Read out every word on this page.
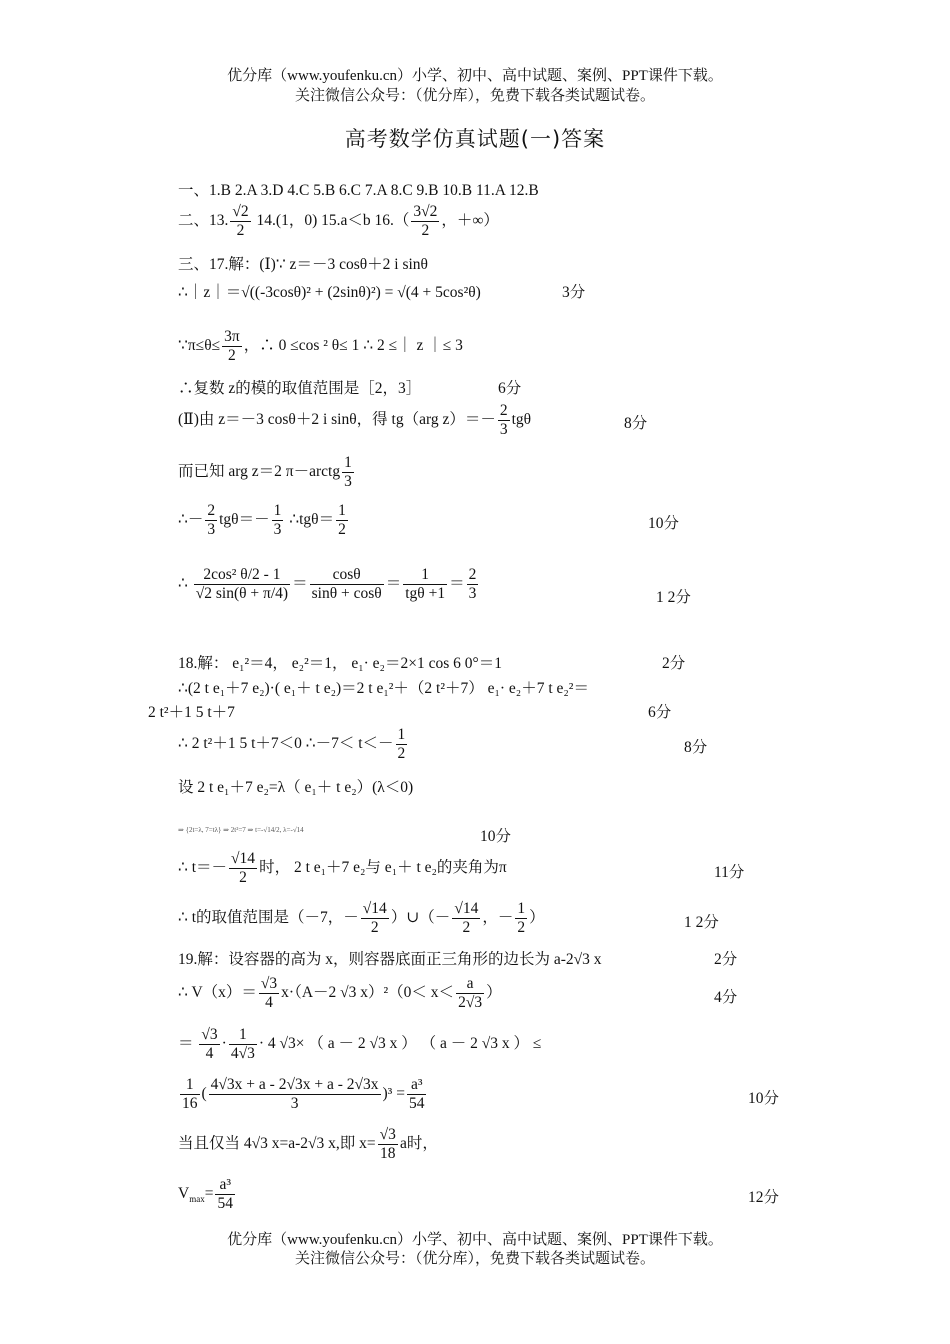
优分库（www.youfenku.cn）小学、初中、高中试题、案例、PPT课件下载。
关注微信公众号：（优分库），免费下载各类试题试卷。
高考数学仿真试题(一)答案
一、1.B 2.A 3.D 4.C 5.B 6.C 7.A 8.C 9.B 10.B 11.A 12.B
二、13. $\frac{√2}{2} 14.(1$，0) 15.a＜b $16.( \frac{3√2}{2}$ ，＋∞）
三、17.解：(Ⅰ)∵ z＝－3 cosθ＋2 i sinθ
∴｜z｜＝√((-3cosθ)² + (2sinθ)²) = √(4 + 5cos²θ)	3分
∵π≤θ≤ $\frac{3\pi}{2}$ ，∴ 0 ≤cos ² θ≤ 1 ∴ 2 ≤｜ z ｜≤ 3
∴复数 z的模的取值范围是［2，3］	6分
(Ⅱ)由 z＝－3 cosθ＋2 i sinθ，得 tg（arg $z)=- \frac{2}{3}$ tgθ	8分
而已知 arg z＝2 π－arctg $\frac{1}{3}$
∴－ $\frac{2}{3} tg\theta=- \frac{1}{3}$ ∴tgθ＝ $\frac{1}{2}$	10分
∴ $\frac{\text{2cos² θ/2 - 1}}{√2 \sin(\theta + \pi/4)} = \frac{\cos\theta}{\sin\theta + \cos\theta} = \frac{1}{\text{tgθ +1}} = \frac{2}{3}$	1 2分
18.解： e₁²＝4， e₂²＝1， e₁· e₂＝2×1 cos 6 0°＝1	2分
∴(2 t e₁＋7 e₂)·( e₁＋ t e₂)＝2 t e₁²＋（2 t²＋7） e₁· e₂＋7 t e₂²＝
2 t²＋1 5 t＋7	6分
∴ 2 t²＋1 5 t＋7＜0 ∴－7＜ $t<- \frac{1}{2}$	8分
设 2 t e₁＋7 e₂=λ（ e₁＋ t e₂）(λ＜0)
⇒ {2t=λ, 7=tλ} ⇒ 2t²=7 ⇒ t=-√14/2, λ=-√14	10分
∴ $t=- \frac{√14}{2}$ 时， 2 t e₁＋7 e₂与 e₁＋ t e₂的夹角为π	11分
∴ t的取值范围是（－7，－ $\frac{√14}{2}$ ）∪（－ $\frac{√14}{2}$ ，－ $\frac{1}{2}$ ）	1 2分
19.解：设容器的高为 x，则容器底面正三角形的边长为 a-2√3 x	2分
∴ $V(x)= \frac{√3}{4} x\cdot(A-2$ √3 $x)^2(0< x< \frac{a}{2√3}$ ）	4分
＝ $\frac{√3}{4} \cdot \frac{1}{4√3} \cdot 4$ √3× （ a － 2 √3 x ） （ a － 2 √3 x ） ≤
$\frac{1}{16}$ ( $\frac{4√3x + a - 2√3x + a - 2√3x}{3} )^3 = \frac{\text{a³}}{54}$	10分
当且仅当 4√3 x=a-2√3 x,即 $x= \frac{√3}{18}$ a时，
$V_{max}= \frac{\text{a³}}{54}$	12分
优分库（www.youfenku.cn）小学、初中、高中试题、案例、PPT课件下载。
关注微信公众号：（优分库），免费下载各类试题试卷。
